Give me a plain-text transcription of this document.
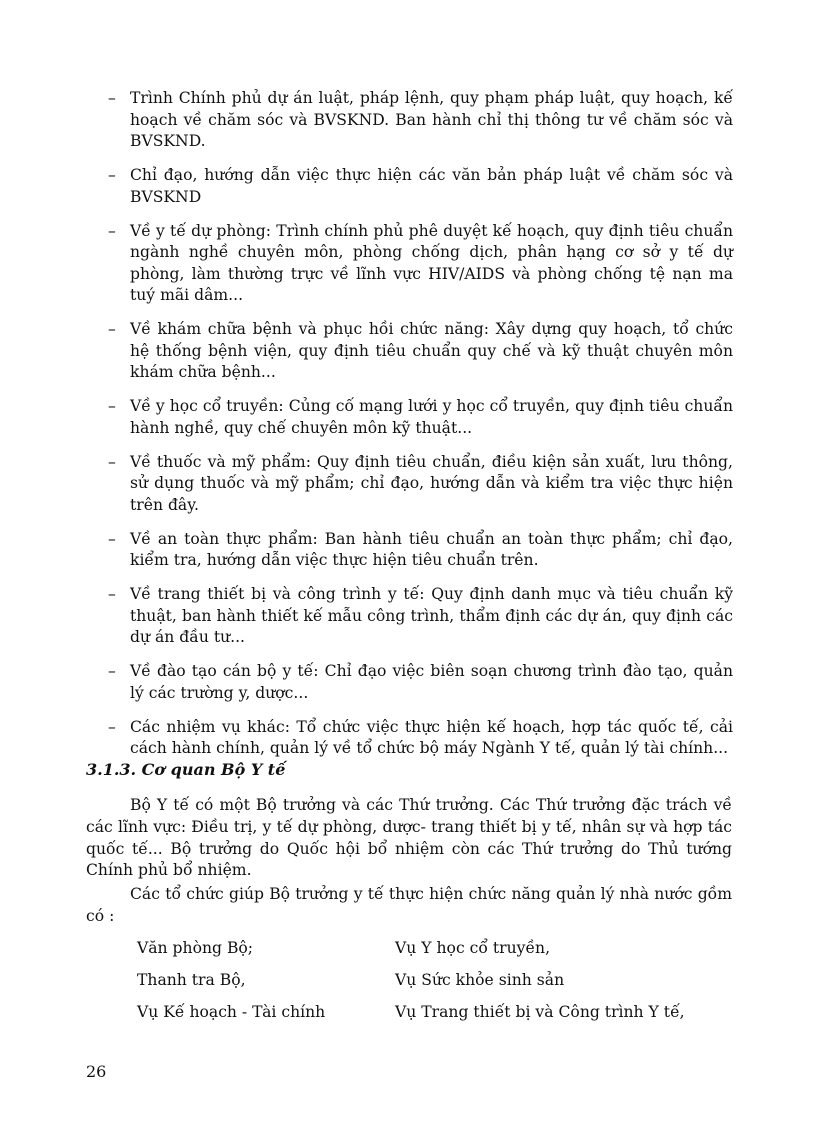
– Trình Chính phủ dự án luật, pháp lệnh, quy phạm pháp luật, quy hoạch, kế hoạch về chăm sóc và BVSKND. Ban hành chỉ thị thông tư về chăm sóc và BVSKND.
– Chỉ đạo, hướng dẫn việc thực hiện các văn bản pháp luật về chăm sóc và BVSKND
– Về y tế dự phòng: Trình chính phủ phê duyệt kế hoạch, quy định tiêu chuẩn ngành nghề chuyên môn, phòng chống dịch, phân hạng cơ sở y tế dự phòng, làm thường trực về lĩnh vực HIV/AIDS và phòng chống tệ nạn ma tuý mãi dâm...
– Về khám chữa bệnh và phục hồi chức năng: Xây dựng quy hoạch, tổ chức hệ thống bệnh viện, quy định tiêu chuẩn quy chế và kỹ thuật chuyên môn khám chữa bệnh...
– Về y học cổ truyền: Củng cố mạng lưới y học cổ truyền, quy định tiêu chuẩn hành nghề, quy chế chuyên môn kỹ thuật...
– Về thuốc và mỹ phẩm: Quy định tiêu chuẩn, điều kiện sản xuất, lưu thông, sử dụng thuốc và mỹ phẩm; chỉ đạo, hướng dẫn và kiểm tra việc thực hiện trên đây.
– Về an toàn thực phẩm: Ban hành tiêu chuẩn an toàn thực phẩm; chỉ đạo, kiểm tra, hướng dẫn việc thực hiện tiêu chuẩn trên.
– Về trang thiết bị và công trình y tế: Quy định danh mục và tiêu chuẩn kỹ thuật, ban hành thiết kế mẫu công trình, thẩm định các dự án, quy định các dự án đầu tư...
– Về đào tạo cán bộ y tế: Chỉ đạo việc biên soạn chương trình đào tạo, quản lý các trường y, dược...
– Các nhiệm vụ khác: Tổ chức việc thực hiện kế hoạch, hợp tác quốc tế, cải cách hành chính, quản lý về tổ chức bộ máy Ngành Y tế, quản lý tài chính...
3.1.3. Cơ quan Bộ Y tế

Bộ Y tế có một Bộ trưởng và các Thứ trưởng. Các Thứ trưởng đặc trách về các lĩnh vực: Điều trị, y tế dự phòng, dược- trang thiết bị y tế, nhân sự và hợp tác quốc tế... Bộ trưởng do Quốc hội bổ nhiệm còn các Thứ trưởng do Thủ tướng Chính phủ bổ nhiệm.

Các tổ chức giúp Bộ trưởng y tế thực hiện chức năng quản lý nhà nước gồm có :

Văn phòng Bộ;	Vụ Y học cổ truyền,
Thanh tra Bộ,	Vụ Sức khỏe sinh sản
Vụ Kế hoạch - Tài chính	Vụ Trang thiết bị và Công trình Y tế,
26
